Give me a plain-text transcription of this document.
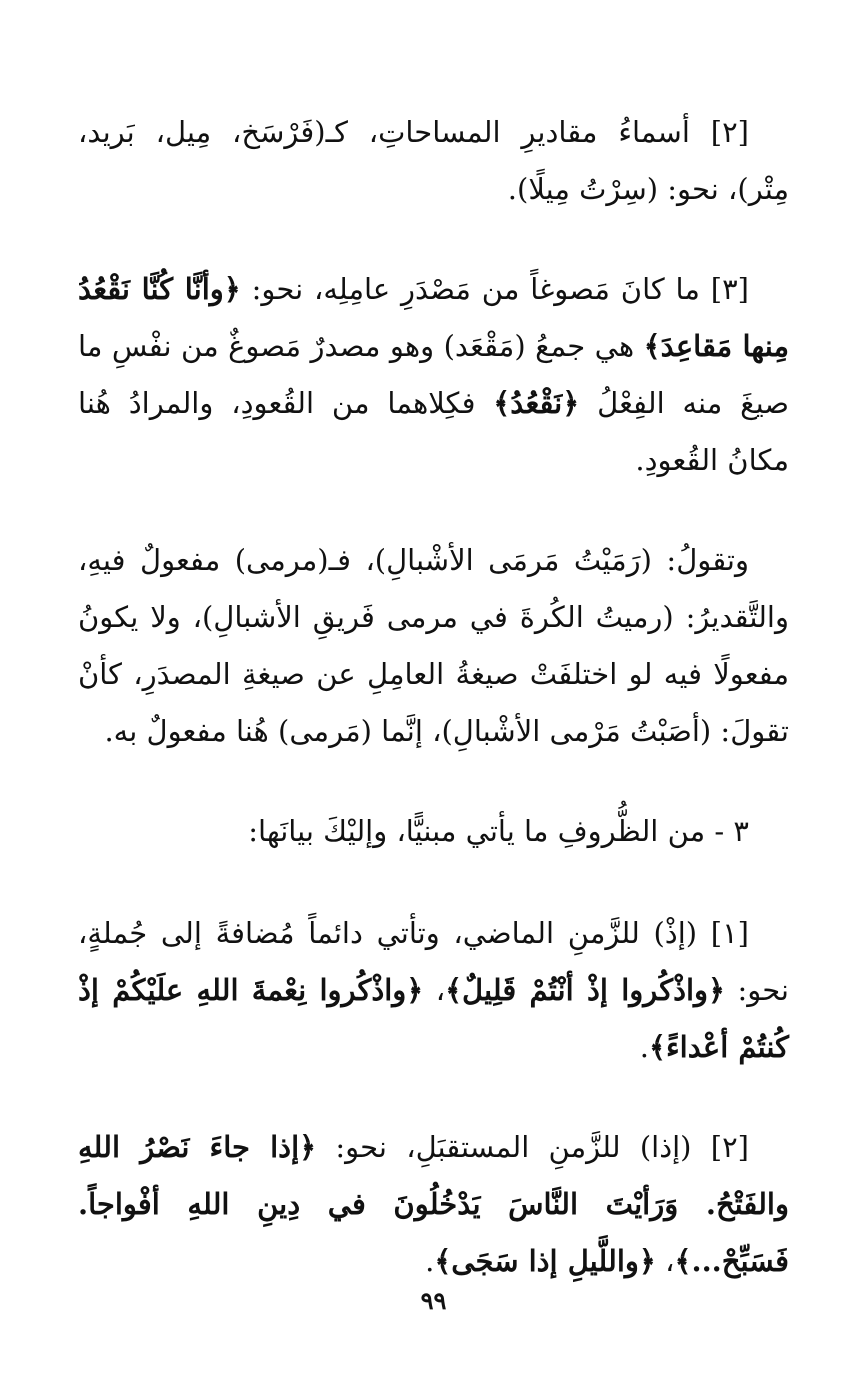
[٢] أسماءُ مقاديرِ المساحاتِ، كـ(فَرْسَخ، مِيل، بَريد، مِتْر)، نحو: (سِرْتُ مِيلًا).

[٣] ما كانَ مَصوغاً من مَصْدَرِ عامِلِه، نحو: ﴿وأنَّا كُنَّا نَقْعُدُ مِنها مَقاعِدَ﴾ هي جمعُ (مَقْعَد) وهو مصدرٌ مَصوغٌ من نفْسِ ما صيغَ منه الفِعْلُ ﴿نَقْعُدُ﴾ فكِلاهما من القُعودِ، والمرادُ هُنا مكانُ القُعودِ.

وتقولُ: (رَمَيْتُ مَرمَى الأشْبالِ)، فـ(مرمى) مفعولٌ فيهِ، والتَّقديرُ: (رميتُ الكُرةَ في مرمى فَريقِ الأشبالِ)، ولا يكونُ مفعولًا فيه لو اختلفَتْ صيغةُ العامِلِ عن صيغةِ المصدَرِ، كأنْ تقولَ: (أصَبْتُ مَرْمى الأشْبالِ)، إنَّما (مَرمى) هُنا مفعولٌ به.

٣ - من الظُّروفِ ما يأتي مبنيًّا، وإليْكَ بيانَها:

[١] (إذْ) للزَّمنِ الماضي، وتأتي دائماً مُضافةً إلى جُملةٍ، نحو: ﴿واذْكُروا إذْ أنْتُمْ قَلِيلٌ﴾، ﴿واذْكُروا نِعْمةَ اللهِ علَيْكُمْ إذْ كُنتُمْ أعْداءً﴾.

[٢] (إذا) للزَّمنِ المستقبَلِ، نحو: ﴿إذا جاءَ نَصْرُ اللهِ والفَتْحُ. وَرَأيْتَ النَّاسَ يَدْخُلُونَ في دِينِ اللهِ أفْواجاً. فَسَبِّحْ...﴾، ﴿واللَّيلِ إذا سَجَى﴾.

٩٩
